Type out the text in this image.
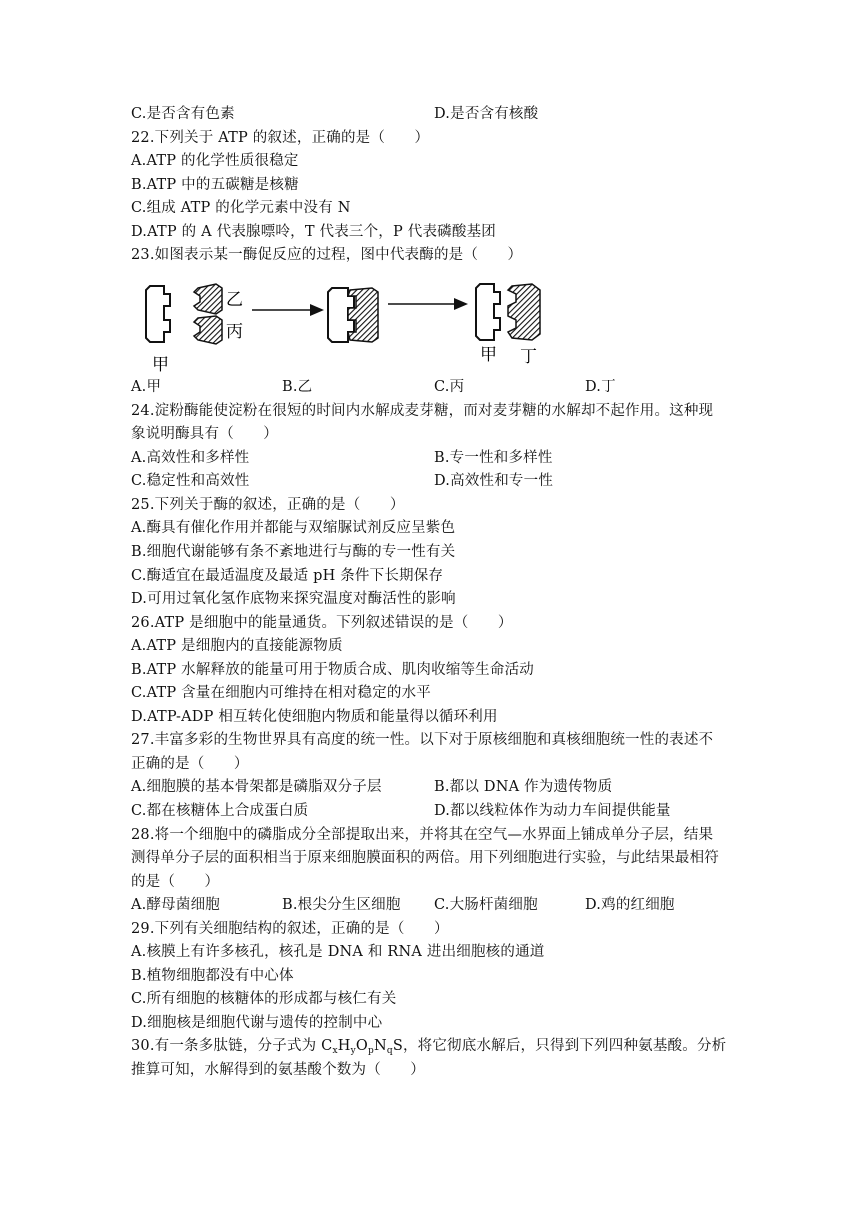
C.是否含有色素	D.是否含有核酸
22.下列关于 ATP 的叙述，正确的是（　　）
A.ATP 的化学性质很稳定
B.ATP 中的五碳糖是核糖
C.组成 ATP 的化学元素中没有 N
D.ATP 的 A 代表腺嘌呤，T 代表三个，P 代表磷酸基团
23.如图表示某一酶促反应的过程，图中代表酶的是（　　）
乙
丙
甲	甲 丁
A.甲	B.乙	C.丙	D.丁
24.淀粉酶能使淀粉在很短的时间内水解成麦芽糖，而对麦芽糖的水解却不起作用。这种现
象说明酶具有（　　）
A.高效性和多样性	B.专一性和多样性
C.稳定性和高效性	D.高效性和专一性
25.下列关于酶的叙述，正确的是（　　）
A.酶具有催化作用并都能与双缩脲试剂反应呈紫色
B.细胞代谢能够有条不紊地进行与酶的专一性有关
C.酶适宜在最适温度及最适 pH 条件下长期保存
D.可用过氧化氢作底物来探究温度对酶活性的影响
26.ATP 是细胞中的能量通货。下列叙述错误的是（　　）
A.ATP 是细胞内的直接能源物质
B.ATP 水解释放的能量可用于物质合成、肌肉收缩等生命活动
C.ATP 含量在细胞内可维持在相对稳定的水平
D.ATP-ADP 相互转化使细胞内物质和能量得以循环利用
27.丰富多彩的生物世界具有高度的统一性。以下对于原核细胞和真核细胞统一性的表述不
正确的是（　　）
A.细胞膜的基本骨架都是磷脂双分子层	B.都以 DNA 作为遗传物质
C.都在核糖体上合成蛋白质	D.都以线粒体作为动力车间提供能量
28.将一个细胞中的磷脂成分全部提取出来，并将其在空气—水界面上铺成单分子层，结果
测得单分子层的面积相当于原来细胞膜面积的两倍。用下列细胞进行实验，与此结果最相符
的是（　　）
A.酵母菌细胞	B.根尖分生区细胞 C.大肠杆菌细胞	D.鸡的红细胞
29.下列有关细胞结构的叙述，正确的是（　　）
A.核膜上有许多核孔，核孔是 DNA 和 RNA 进出细胞核的通道
B.植物细胞都没有中心体
C.所有细胞的核糖体的形成都与核仁有关
D.细胞核是细胞代谢与遗传的控制中心
30.有一条多肽链，分子式为 $C_xH_yO_pN_qS$，将它彻底水解后，只得到下列四种氨基酸。分析
推算可知，水解得到的氨基酸个数为（　　）
